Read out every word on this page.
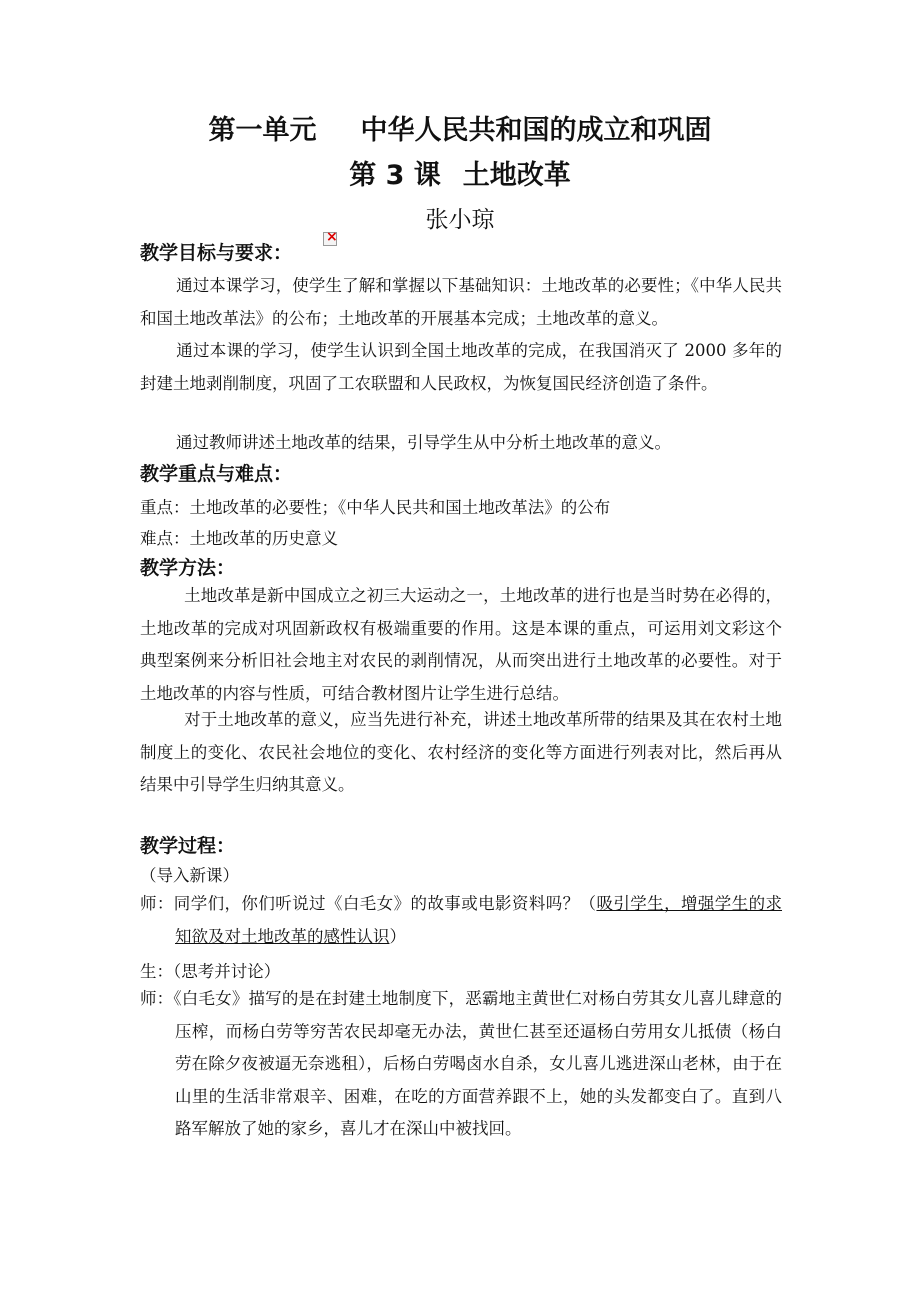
第一单元 中华人民共和国的成立和巩固
第 3 课 土地改革
张小琼
教学目标与要求：
×
通过本课学习，使学生了解和掌握以下基础知识：土地改革的必要性；《中华人民共和国土地改革法》的公布；土地改革的开展基本完成；土地改革的意义。
通过本课的学习，使学生认识到全国土地改革的完成，在我国消灭了 2000 多年的封建土地剥削制度，巩固了工农联盟和人民政权，为恢复国民经济创造了条件。
通过教师讲述土地改革的结果，引导学生从中分析土地改革的意义。
教学重点与难点：
重点：土地改革的必要性；《中华人民共和国土地改革法》的公布
难点：土地改革的历史意义
教学方法：
土地改革是新中国成立之初三大运动之一，土地改革的进行也是当时势在必得的，土地改革的完成对巩固新政权有极端重要的作用。这是本课的重点，可运用刘文彩这个典型案例来分析旧社会地主对农民的剥削情况，从而突出进行土地改革的必要性。对于土地改革的内容与性质，可结合教材图片让学生进行总结。
对于土地改革的意义，应当先进行补充，讲述土地改革所带的结果及其在农村土地制度上的变化、农民社会地位的变化、农村经济的变化等方面进行列表对比，然后再从结果中引导学生归纳其意义。
教学过程：
（导入新课）
师：同学们，你们听说过《白毛女》的故事或电影资料吗？（吸引学生，增强学生的求知欲及对土地改革的感性认识）
生：（思考并讨论）
师：《白毛女》描写的是在封建土地制度下，恶霸地主黄世仁对杨白劳其女儿喜儿肆意的压榨，而杨白劳等穷苦农民却毫无办法，黄世仁甚至还逼杨白劳用女儿抵债（杨白劳在除夕夜被逼无奈逃租），后杨白劳喝卤水自杀，女儿喜儿逃进深山老林，由于在山里的生活非常艰辛、困难，在吃的方面营养跟不上，她的头发都变白了。直到八路军解放了她的家乡，喜儿才在深山中被找回。
